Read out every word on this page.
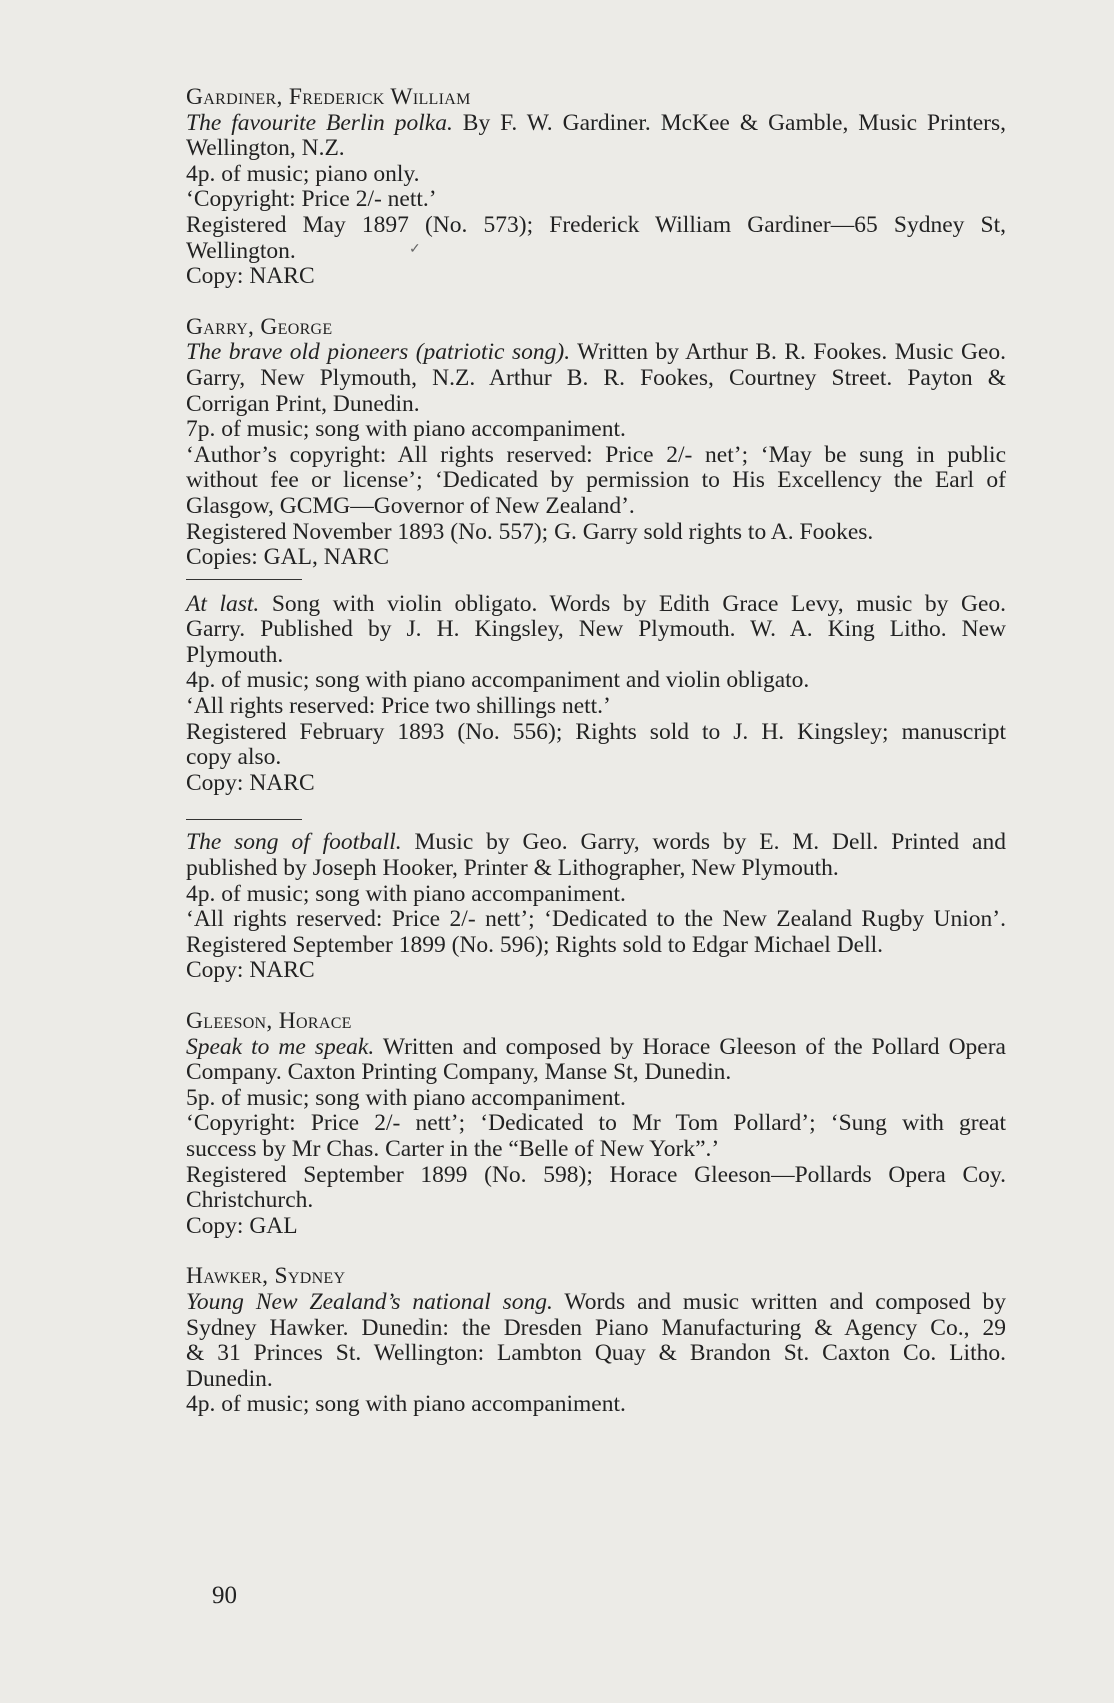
Gardiner, Frederick William
The favourite Berlin polka. By F. W. Gardiner. McKee & Gamble, Music Printers,
Wellington, N.Z.
4p. of music; piano only.
‘Copyright: Price 2/- nett.’
Registered May 1897 (No. 573); Frederick William Gardiner—65 Sydney St,
Wellington.
Copy: NARC
Garry, George
The brave old pioneers (patriotic song). Written by Arthur B. R. Fookes. Music Geo.
Garry, New Plymouth, N.Z. Arthur B. R. Fookes, Courtney Street. Payton &
Corrigan Print, Dunedin.
7p. of music; song with piano accompaniment.
‘Author’s copyright: All rights reserved: Price 2/- net’; ‘May be sung in public
without fee or license’; ‘Dedicated by permission to His Excellency the Earl of
Glasgow, GCMG—Governor of New Zealand’.
Registered November 1893 (No. 557); G. Garry sold rights to A. Fookes.
Copies: GAL, NARC
At last. Song with violin obligato. Words by Edith Grace Levy, music by Geo.
Garry. Published by J. H. Kingsley, New Plymouth. W. A. King Litho. New
Plymouth.
4p. of music; song with piano accompaniment and violin obligato.
‘All rights reserved: Price two shillings nett.’
Registered February 1893 (No. 556); Rights sold to J. H. Kingsley; manuscript
copy also.
Copy: NARC
The song of football. Music by Geo. Garry, words by E. M. Dell. Printed and
published by Joseph Hooker, Printer & Lithographer, New Plymouth.
4p. of music; song with piano accompaniment.
‘All rights reserved: Price 2/- nett’; ‘Dedicated to the New Zealand Rugby Union’.
Registered September 1899 (No. 596); Rights sold to Edgar Michael Dell.
Copy: NARC
Gleeson, Horace
Speak to me speak. Written and composed by Horace Gleeson of the Pollard Opera
Company. Caxton Printing Company, Manse St, Dunedin.
5p. of music; song with piano accompaniment.
‘Copyright: Price 2/- nett’; ‘Dedicated to Mr Tom Pollard’; ‘Sung with great
success by Mr Chas. Carter in the “Belle of New York”.’
Registered September 1899 (No. 598); Horace Gleeson—Pollards Opera Coy.
Christchurch.
Copy: GAL
Hawker, Sydney
Young New Zealand’s national song. Words and music written and composed by
Sydney Hawker. Dunedin: the Dresden Piano Manufacturing & Agency Co., 29
& 31 Princes St. Wellington: Lambton Quay & Brandon St. Caxton Co. Litho.
Dunedin.
4p. of music; song with piano accompaniment.
✓
90
